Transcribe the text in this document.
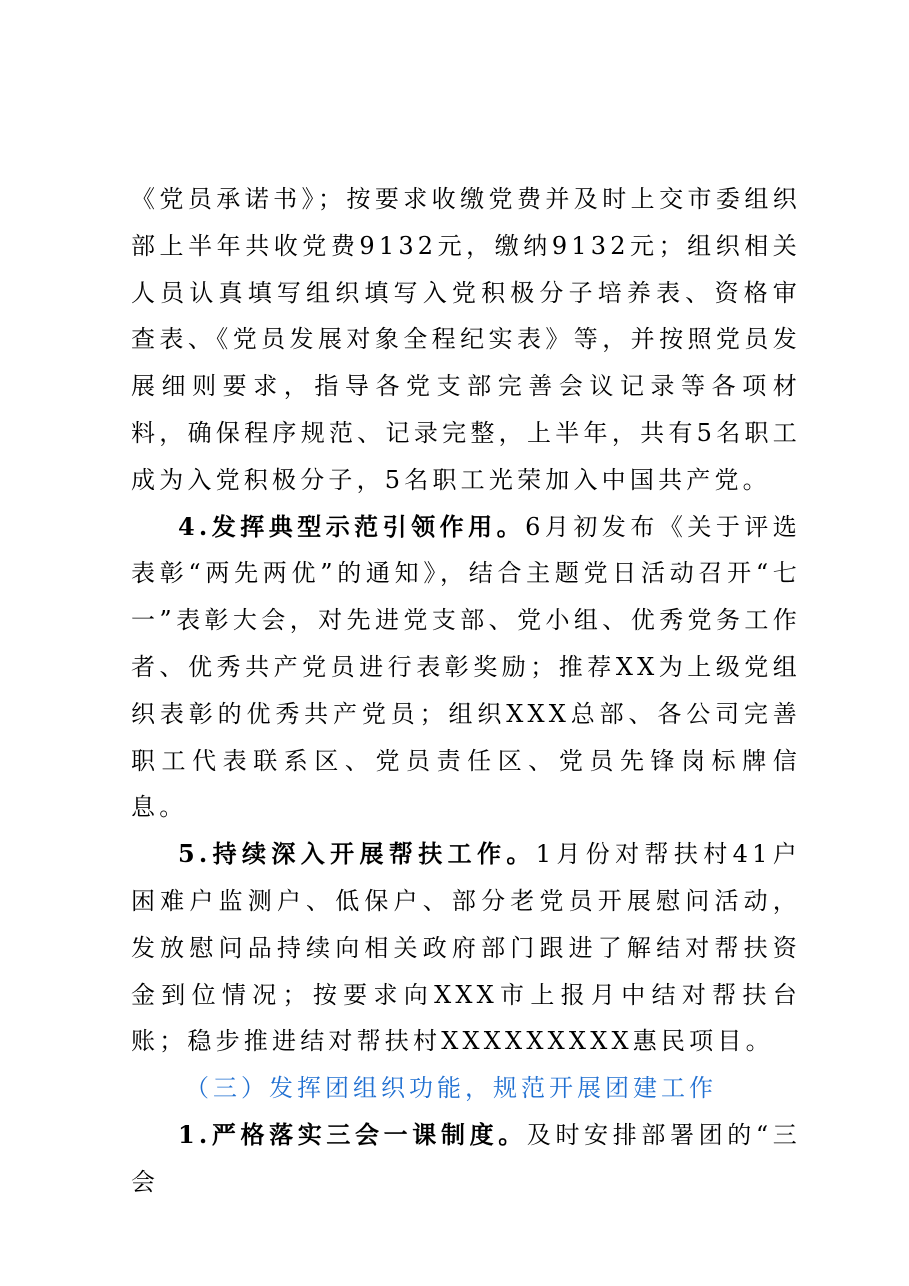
《党员承诺书》；按要求收缴党费并及时上交市委组织部上半年共收党费9132元，缴纳9132元；组织相关人员认真填写组织填写入党积极分子培养表、资格审查表、《党员发展对象全程纪实表》等，并按照党员发展细则要求，指导各党支部完善会议记录等各项材料，确保程序规范、记录完整，上半年，共有5名职工成为入党积极分子，5名职工光荣加入中国共产党。

4.发挥典型示范引领作用。6月初发布《关于评选表彰“两先两优”的通知》，结合主题党日活动召开“七一”表彰大会，对先进党支部、党小组、优秀党务工作者、优秀共产党员进行表彰奖励；推荐XX为上级党组织表彰的优秀共产党员；组织XXX总部、各公司完善职工代表联系区、党员责任区、党员先锋岗标牌信息。

5.持续深入开展帮扶工作。1月份对帮扶村41户困难户监测户、低保户、部分老党员开展慰问活动，发放慰问品持续向相关政府部门跟进了解结对帮扶资金到位情况；按要求向XXX市上报月中结对帮扶台账；稳步推进结对帮扶村XXXXXXXXX惠民项目。

（三）发挥团组织功能，规范开展团建工作

1.严格落实三会一课制度。及时安排部署团的“三会
